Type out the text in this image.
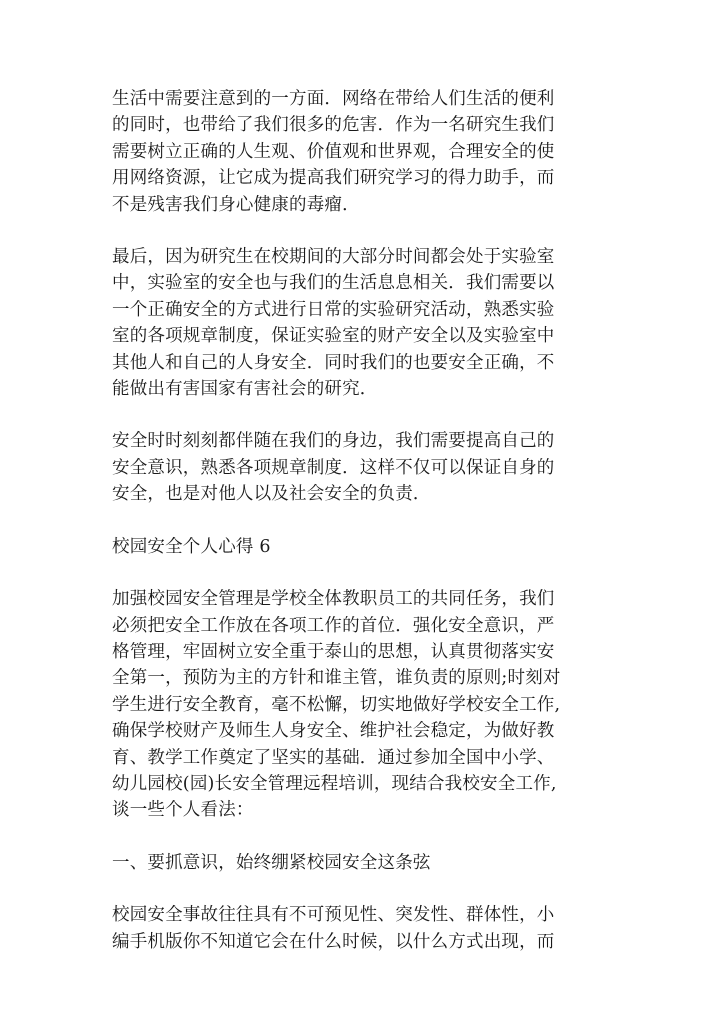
生活中需要注意到的一方面．网络在带给人们生活的便利
的同时，也带给了我们很多的危害．作为一名研究生我们
需要树立正确的人生观、价值观和世界观，合理安全的使
用网络资源，让它成为提高我们研究学习的得力助手，而
不是残害我们身心健康的毒瘤．

最后，因为研究生在校期间的大部分时间都会处于实验室
中，实验室的安全也与我们的生活息息相关．我们需要以
一个正确安全的方式进行日常的实验研究活动，熟悉实验
室的各项规章制度，保证实验室的财产安全以及实验室中
其他人和自己的人身安全．同时我们的也要安全正确，不
能做出有害国家有害社会的研究．

安全时时刻刻都伴随在我们的身边，我们需要提高自己的
安全意识，熟悉各项规章制度．这样不仅可以保证自身的
安全，也是对他人以及社会安全的负责．

校园安全个人心得 6

加强校园安全管理是学校全体教职员工的共同任务，我们
必须把安全工作放在各项工作的首位．强化安全意识，严
格管理，牢固树立安全重于泰山的思想，认真贯彻落实安
全第一，预防为主的方针和谁主管，谁负责的原则;时刻对
学生进行安全教育，毫不松懈，切实地做好学校安全工作,
确保学校财产及师生人身安全、维护社会稳定，为做好教
育、教学工作奠定了坚实的基础．通过参加全国中小学、
幼儿园校(园)长安全管理远程培训，现结合我校安全工作,
谈一些个人看法：

一、要抓意识，始终绷紧校园安全这条弦

校园安全事故往往具有不可预见性、突发性、群体性，小
编手机版你不知道它会在什么时候，以什么方式出现，而
